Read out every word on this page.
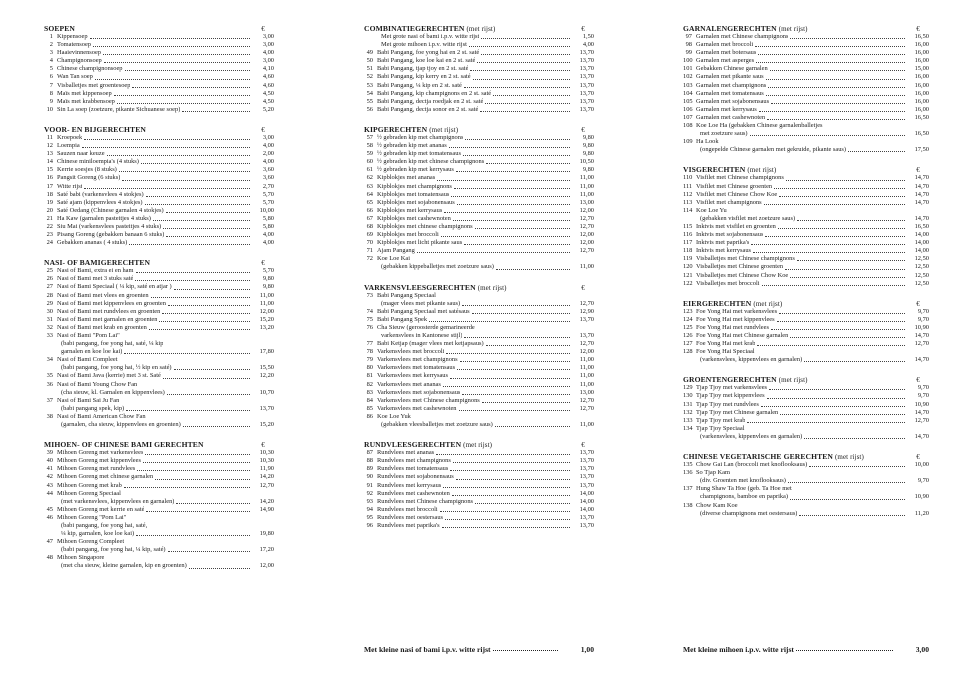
SOEPEN	€
1 Kippensoep	3,00
2 Tomatensoep	3,00
3 Haaievinnensoep	4,00
4 Champignonsoep	3,00
5 Chinese champignonsoep	4,10
6 Wan Tan soep	4,60
7 Visballetjes met groentesoep	4,60
8 Maïs met kippensoep	4,50
9 Maïs met krabbensoep	4,50
10 Sin La soep (zoetzure, pikante Sichuanese soep)	5,20
VOOR- EN BIJGERECHTEN	€
11 Kroepoek	3,00
12 Loempia	4,00
13 Sauzen naar keuze	2,00
14 Chinese miniloempia's (4 stuks)	4,00
15 Kerrie soesjes (8 stuks)	3,60
16 Pangsit Goreng (6 stuks)	3,60
17 Witte rijst	2,70
18 Saté babi (varkensvlees 4 stokjes)	5,70
19 Saté ajam (kippenvlees 4 stokjes)	5,70
20 Saté Oedang (Chinese garnalen 4 stokjes)	10,00
21 Ha Kaw (garnalen pasteitjes 4 stuks)	5,80
22 Siu Mai (varkensvlees pasteitjes 4 stuks)	5,80
23 Pisang Goreng (gebakken banaan 6 stuks)	4,00
24 Gebakken ananas ( 4 stuks)	4,00
NASI- OF BAMIGERECHTEN	€
25 Nasi of Bami, extra ei en ham	5,70
26 Nasi of Bami met 3 stuks saté	9,80
27 Nasi of Bami Speciaal ( ¼ kip, saté en atjar )	9,80
28 Nasi of Bami met vlees en groenten	11,00
29 Nasi of Bami met kippenvlees en groenten	11,00
30 Nasi of Bami met rundvlees en groenten	12,00
31 Nasi of Bami met garnalen en groenten	15,20
32 Nasi of Bami met krab en groenten	13,20
33 Nasi of Bami "Pom Lai"
(babi pangang, foe yong hai, saté, ¼ kip
garnalen en koe loe kai)	17,80
34 Nasi of Bami Compleet
(babi pangang, foe yong hai, ½ kip en saté)	15,50
35 Nasi of Bami Java (kerrie) met 3 st. Saté	12,20
36 Nasi of Bami Young Chow Fan
(cha sieuw, kl. Garnalen en kippenvlees)	10,70
37 Nasi of Bami Sai Ju Fan
(babi pangang spek, kip)	13,70
38 Nasi of Bami American Chow Fan
(garnalen, cha sieuw, kippenvlees en groenten)	15,20
MIHOEN- OF CHINESE BAMI GERECHTEN	€
39 Mihoen Goreng met varkensvlees	10,30
40 Mihoen Goreng met kippenvlees	10,30
41 Mihoen Goreng met rundvlees	11,90
42 Mihoen Goreng met chinese garnalen	14,20
43 Mihoen Goreng met krab	12,70
44 Mihoen Goreng Speciaal
(met varkensvlees, kippenvlees en garnalen)	14,20
45 Mihoen Goreng met kerrie en saté	14,90
46 Mihoen Goreng "Pom Lai"
(babi pangang, foe yong hai, saté,
¼ kip, garnalen, koe loe kai)	19,80
47 Mihoen Goreng Compleet
(babi pangang, foe yong hai, ¼ kip, saté)	17,20
48 Mihoen Singapore
(met cha sieuw, kleine garnalen, kip en groenten)	12,00
COMBINATIEGERECHTEN (met rijst)	€
Met grote nasi of bami i.p.v. witte rijst	1,50
Met grote mihoen i.p.v. witte rijst	4,00
49 Babi Pangang, foe yong hai en 2 st. saté	13,70
50 Babi Pangang, koe loe kai en 2 st. saté	13,70
51 Babi Pangang, tjap tjoy en 2 st. saté	13,70
52 Babi Pangang, kip kerry en 2 st. saté	13,70
53 Babi Pangang, ¼ kip en 2 st. saté	13,70
54 Babi Pangang, kip champignons en 2 st. saté	13,70
55 Babi Pangang, dectja roedjak en 2 st. saté	13,70
56 Babi Pangang, dectja sonor en 2 st. saté	13,70
KIPGERECHTEN (met rijst)	€
57 ½ gebraden kip met champignons	9,80
58 ½ gebraden kip met ananas	9,80
59 ½ gebraden kip met tomatensaus	9,80
60 ½ gebraden kip met chinese champignons	10,50
61 ½ gebraden kip met kerrysaus	9,80
62 Kipblokjes met ananas	11,00
63 Kipblokjes met champignons	11,00
64 Kipblokjes met tomatensaus	11,00
65 Kipblokjes met sojabonensaus	13,00
66 Kipblokjes met kerrysaus	12,00
67 Kipblokjes met cashewnoten	12,70
68 Kipblokjes met chinese champignons	12,70
69 Kipblokjes met broccoli	12,00
70 Kipblokjes met licht pikante saus	12,00
71 Ajam Pangang	12,70
72 Koe Loe Kai
(gebakken kippeballetjes met zoetzure saus)	11,00
VARKENSVLEESGERECHTEN (met rijst)	€
73 Babi Pangang Speciaal
(mager vlees met pikante saus)	12,70
74 Babi Pangang Speciaal met satésaus	12,90
75 Babi Pangang Spek	13,70
76 Cha Sieuw (geroosterde gemarineerde
varkensvlees in Kantonese stijl)	13,70
77 Babi Ketjap (mager vlees met ketjapsaus)	12,70
78 Varkensvlees met broccoli	12,00
79 Varkensvlees met champignons	11,00
80 Varkensvlees met tomatensaus	11,00
81 Varkensvlees met kerrysaus	11,00
82 Varkensvlees met ananas	11,00
83 Varkensvlees met sojabonensaus	13,00
84 Varkensvlees met Chinese champignons	12,70
85 Varkensvlees met cashewnoten	12,70
86 Koe Loe Yuk
(gebakken vleesballetjes met zoetzure saus)	11,00
RUNDVLEESGERECHTEN (met rijst)	€
87 Rundvlees met ananas	13,70
88 Rundvlees met champignons	13,70
89 Rundvlees met tomatensaus	13,70
90 Rundvlees met sojabonensaus	13,70
91 Rundvlees met kerrysaus	13,70
92 Rundvlees met cashewnoten	14,00
93 Rundvlees met Chinese champignons	14,00
94 Rundvlees met broccoli	14,00
95 Rundvlees met oestersaus	13,70
96 Rundvlees met paprika's	13,70
GARNALENGERECHTEN (met rijst)	€
97 Garnalen met Chinese champignons	16,50
98 Garnalen met broccoli	16,00
99 Garnalen met botersaus	16,00
100 Garnalen met asperges	16,00
101 Gebakken Chinese garnalen	15,00
102 Garnalen met pikante saus	16,00
103 Garnalen met champignons	16,00
104 Garnalen met tomatensaus	16,00
105 Garnalen met sojabonensaus	16,00
106 Garnalen met kerrysaus	16,00
107 Garnalen met cashewnoten	16,50
108 Koe Loe Ha (gebakken Chinese garnalenballetjes
met zoetzure saus)	16,50
109 Ha Look
(ongepelde Chinese garnalen met gekruide, pikante saus)	17,50
VISGERECHTEN (met rijst)	€
110 Visfilet met Chinese champignons	14,70
111 Visfilet met Chinese groenten	14,70
112 Visfilet met Chinese Chow Koe	14,70
113 Visfilet met champignons	14,70
114 Koe Loe Yu
(gebakken visfilet met zoetzure saus)	14,70
115 Inktvis met visfilet en groenten	16,50
116 Inktvis met sojabonensaus	14,00
117 Inktvis met paprika's	14,00
118 Inktvis met kerrysaus	14,00
119 Visballetjes met Chinese champignons	12,50
120 Visballetjes met Chinese groenten	12,50
121 Visballetjes met Chinese Chow Koe	12,50
122 Visballetjes met broccoli	12,50
EIERGERECHTEN (met rijst)	€
123 Foe Yong Hai met varkensvlees	9,70
124 Foe Yong Hai met kippenvlees	9,70
125 Foe Yong Hai met rundvlees	10,90
126 Foe Yong Hai met Chinese garnalen	14,70
127 Foe Yong Hai met krab	12,70
128 Foe Yong Hai Speciaal
(varkensvlees, kippenvlees en garnalen)	14,70
GROENTENGERECHTEN (met rijst)	€
129 Tjap Tjoy met varkensvlees	9,70
130 Tjap Tjoy met kippenvlees	9,70
131 Tjap Tjoy met rundvlees	10,90
132 Tjap Tjoy met Chinese garnalen	14,70
133 Tjap Tjoy met krab	12,70
134 Tjap Tjoy Speciaal
(varkensvlees, kippenvlees en garnalen)	14,70
CHINESE VEGETARISCHE GERECHTEN (met rijst)	€
135 Chow Gai Lan (broccoli met knoflooksaus)	10,00
136 So Tjap Kam
(div. Groenten met knoflooksaus)	9,70
137 Hung Shaw Ta Hoe (geb. Ta Hoe met
champignons, bamboe en paprika)	10,90
138 Chow Kam Koe
(diverse champignons met oestersaus)	11,20
Met kleine nasi of bami i.p.v. witte rijst	1,00	Met kleine mihoen i.p.v. witte rijst	3,00
